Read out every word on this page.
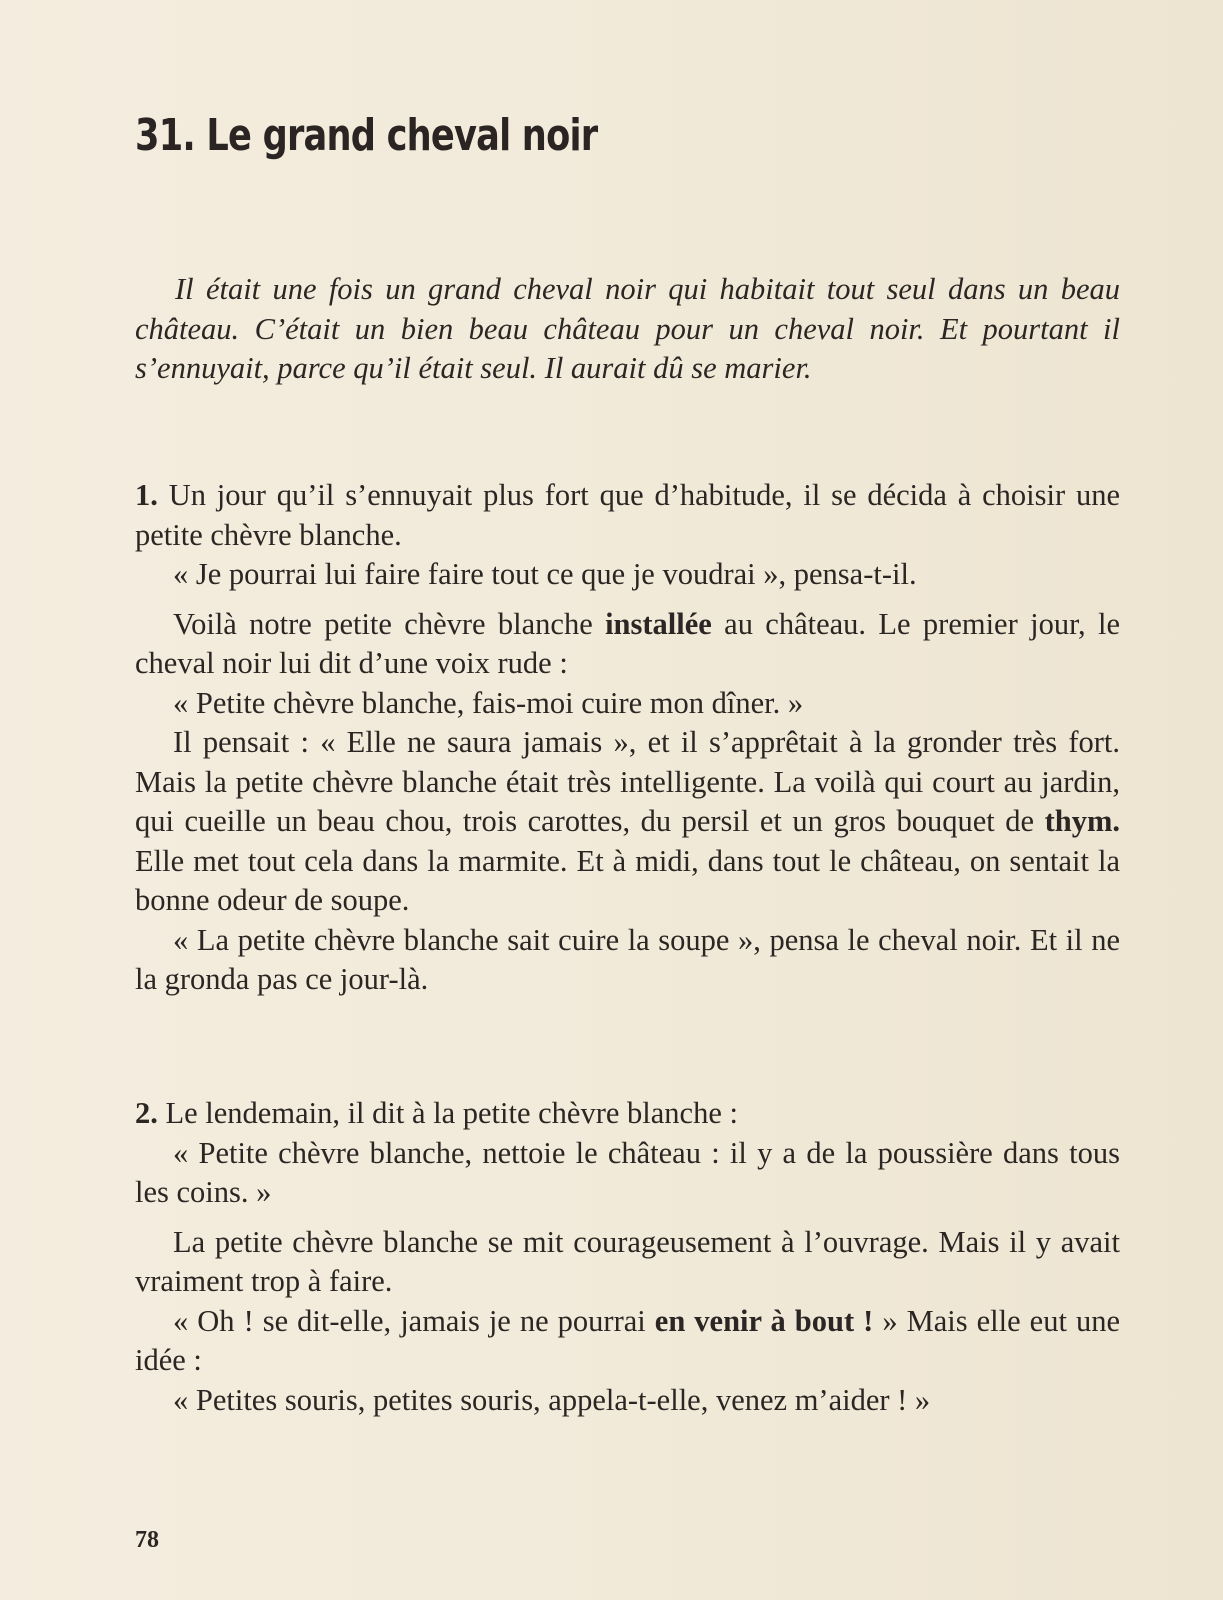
31. Le grand cheval noir

Il était une fois un grand cheval noir qui habitait tout seul dans un beau château. C’était un bien beau château pour un cheval noir. Et pourtant il s’ennuyait, parce qu’il était seul. Il aurait dû se marier.

1. Un jour qu’il s’ennuyait plus fort que d’habitude, il se décida à choisir une petite chèvre blanche.

« Je pourrai lui faire faire tout ce que je voudrai », pensa-t-il.

Voilà notre petite chèvre blanche installée au château. Le premier jour, le cheval noir lui dit d’une voix rude :

« Petite chèvre blanche, fais-moi cuire mon dîner. »

Il pensait : « Elle ne saura jamais », et il s’apprêtait à la gronder très fort. Mais la petite chèvre blanche était très intelligente. La voilà qui court au jardin, qui cueille un beau chou, trois carottes, du persil et un gros bouquet de thym. Elle met tout cela dans la marmite. Et à midi, dans tout le château, on sentait la bonne odeur de soupe.

« La petite chèvre blanche sait cuire la soupe », pensa le cheval noir. Et il ne la gronda pas ce jour-là.

2. Le lendemain, il dit à la petite chèvre blanche :

« Petite chèvre blanche, nettoie le château : il y a de la poussière dans tous les coins. »

La petite chèvre blanche se mit courageusement à l’ouvrage. Mais il y avait vraiment trop à faire.

« Oh ! se dit-elle, jamais je ne pourrai en venir à bout ! » Mais elle eut une idée :

« Petites souris, petites souris, appela-t-elle, venez m’aider ! »

78
